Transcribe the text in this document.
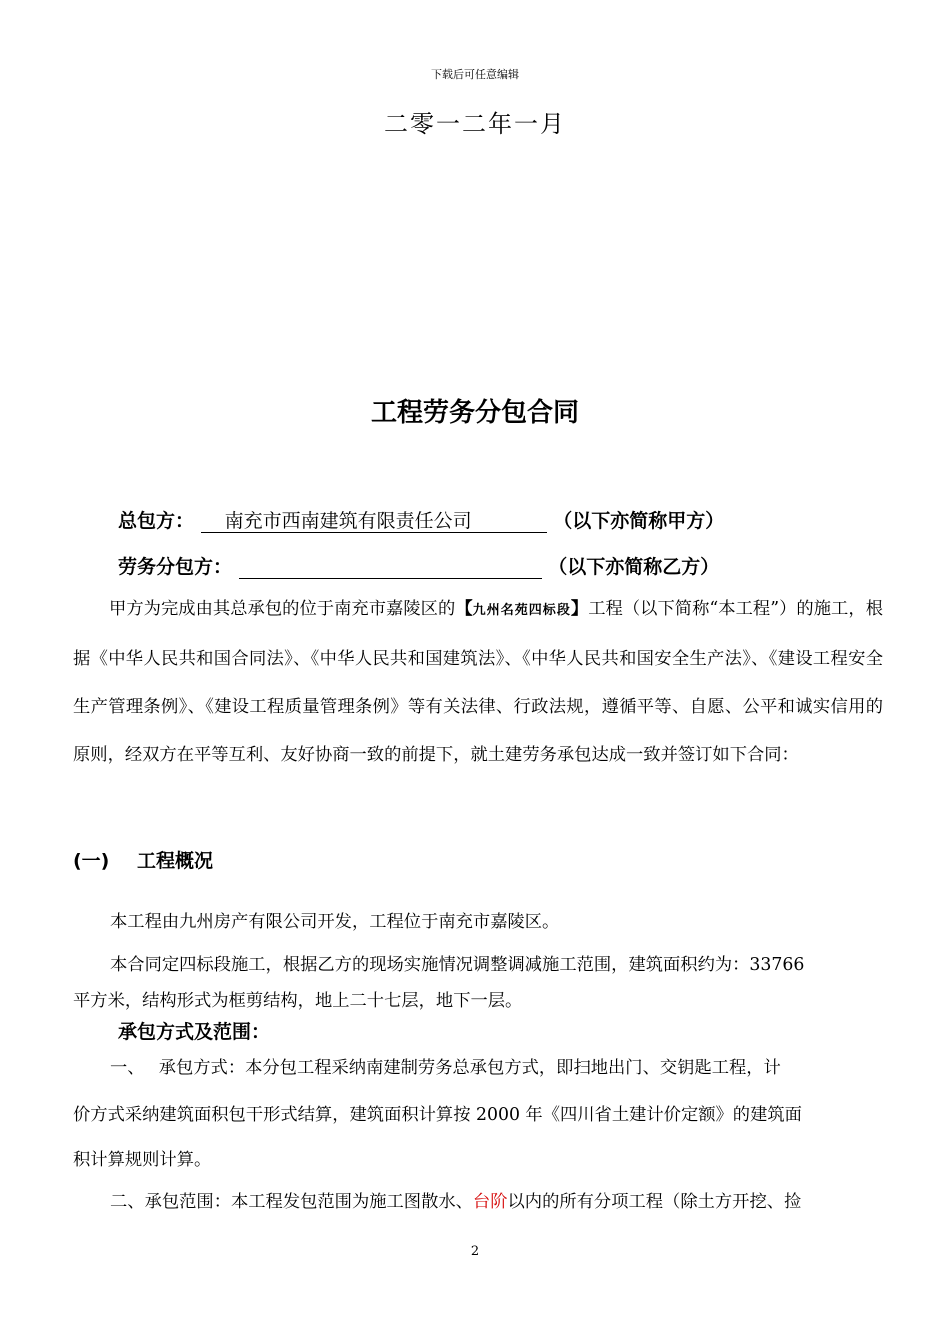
下载后可任意编辑
二零一二年一月
工程劳务分包合同
总包方： 南充市西南建筑有限责任公司	（以下亦简称甲方）
劳务分包方：	（以下亦简称乙方）
甲方为完成由其总承包的位于南充市嘉陵区的【九州名苑四标段】工程（以下简称“本工程”）的施工，根据《中华人民共和国合同法》、《中华人民共和国建筑法》、《中华人民共和国安全生产法》、《建设工程安全生产管理条例》、《建设工程质量管理条例》等有关法律、行政法规，遵循平等、自愿、公平和诚实信用的原则，经双方在平等互利、友好协商一致的前提下，就土建劳务承包达成一致并签订如下合同：
(一) 工程概况
本工程由九州房产有限公司开发，工程位于南充市嘉陵区。
本合同定四标段施工，根据乙方的现场实施情况调整调减施工范围，建筑面积约为：33766
平方米，结构形式为框剪结构，地上二十七层，地下一层。
承包方式及范围：
一、　 承包方式：本分包工程采纳南建制劳务总承包方式，即扫地出门、交钥匙工程，计
价方式采纳建筑面积包干形式结算，建筑面积计算按 2000 年《四川省土建计价定额》的建筑面
积计算规则计算。
二、承包范围：本工程发包范围为施工图散水、台阶以内的所有分项工程（除土方开挖、捡
2
